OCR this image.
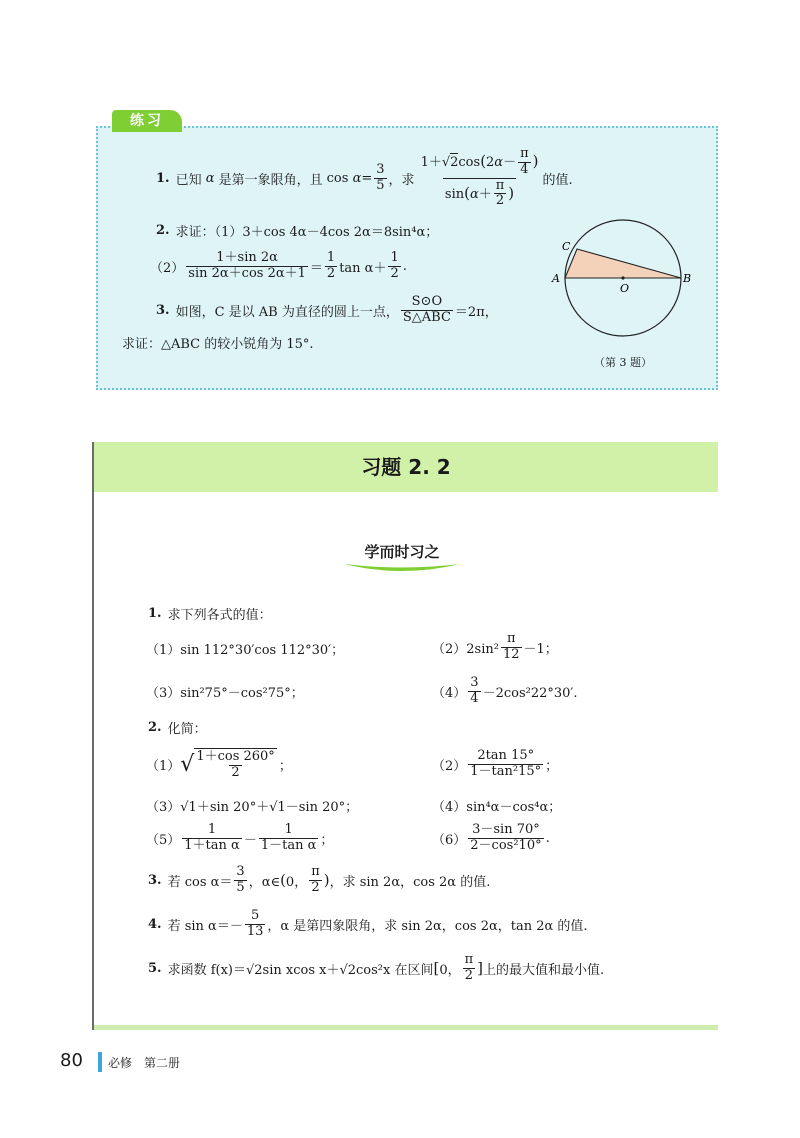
练习
1. 已知 α 是第一象限角，且 $\cos \alpha = \frac{3}{5}$ ，求 $\frac{1+√2\cos(2\alpha- \frac{\pi}{4} )}{\sin(\alpha+ \frac{\pi}{2} )}$ 的值.
2. 求证：（1）3＋cos 4α－4cos 2α＝8sin⁴α；
$(2) \frac{1+\sin 2\alpha}{\sin 2\alpha+\cos 2\alpha+1} = \frac{1}{2}$ $\tan \alpha+ \frac{1}{2}$ .
3. 如图，C 是以 AB 为直径的圆上一点， $\frac{S⊙O}{\text{S△ABC}} =2\pi$，
求证：△ABC 的较小锐角为 15°.
A	B
C
O
（第 3 题）
习题 2. 2
学而时习之
1. 求下列各式的值：
（1）sin 112°30′cos 112°30′；	$(2)2\sin^2 \frac{\pi}{12} -1$；
（3）sin²75°－cos²75°；	$(4) \frac{3}{4} -2\cos^222^\circ 30'$.
2. 化简：
（1） √ $\frac{1+\cos 260^\circ}{2}$ ；	$(2) \frac{2\tan 15^\circ}{\text{1－tan²15°}}$ ；
（3）√1＋sin 20°＋√1－sin 20°；	（4）sin⁴α－cos⁴α；
$(5) \frac{1}{\text{1＋tan α}} - \frac{1}{\text{1－tan α}}$ ；	$(6) \frac{3-\sin 70^\circ}{\text{2－cos²10°}}$ .
3. 若 $\cos \alpha= \frac{3}{5}$ ，α∈ ( 0， $\frac{\pi}{2}$ ) ，求 sin 2α，cos 2α 的值.
4. 若 $\sin \alpha=- \frac{5}{13}$ ，α 是第四象限角，求 sin 2α，cos 2α，tan 2α 的值.
5. 求函数 f(x)＝√2sin xcos x＋√2cos²x 在区间 [ 0， $\frac{\pi}{2}$ ] 上的最大值和最小值.
80 必修　第二册
